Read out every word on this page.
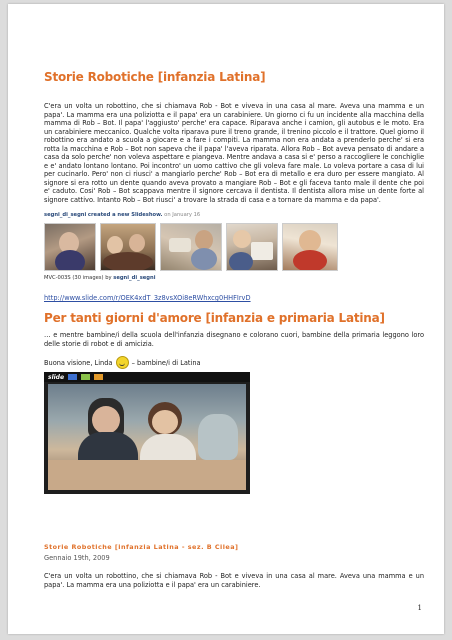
Storie Robotiche [infanzia Latina]

C'era un volta un robottino, che si chiamava Rob - Bot e viveva in una casa al mare. Aveva una mamma e un papa'. La mamma era una poliziotta e il papa' era un carabiniere. Un giorno ci fu un incidente alla macchina della mamma di Rob – Bot. Il papa' l'aggiusto' perche' era capace. Riparava anche i camion, gli autobus e le moto. Era un carabiniere meccanico. Qualche volta riparava pure il treno grande, il trenino piccolo e il trattore. Quel giorno il robottino era andato a scuola a giocare e a fare i compiti. La mamma non era andata a prenderlo perche' si era rotta la macchina e Rob – Bot non sapeva che il papa' l'aveva riparata. Allora Rob – Bot aveva pensato di andare a casa da solo perche' non voleva aspettare e piangeva. Mentre andava a casa si e' perso a raccogliere le conchiglie e e' andato lontano lontano. Poi incontro' un uomo cattivo che gli voleva fare male. Lo voleva portare a casa di lui per cucinarlo. Pero' non ci riusci' a mangiarlo perche' Rob – Bot era di metallo e era duro per essere mangiato. Al signore si era rotto un dente quando aveva provato a mangiare Rob – Bot e gli faceva tanto male il dente che poi e' caduto. Cosi' Rob – Bot scappava mentre il signore cercava il dentista. Il dentista allora mise un dente forte al signore cattivo. Intanto Rob – Bot riusci' a trovare la strada di casa e a tornare da mamma e da papa'.

segni_di_segni created a new Slideshow. on January 16
MVC-003S (30 images) by segni_di_segni
http://www.slide.com/r/OEK4xdT_3z8vsXOi8eRWhxcg0HHFIrvD
Per tanti giorni d'amore [infanzia e primaria Latina]

… e mentre bambine/i della scuola dell'infanzia disegnano e colorano cuori, bambine della primaria leggono loro delle storie di robot e di amicizia.

Buona visione, Linda	– bambine/i di Latina

slide
Storie Robotiche [infanzia Latina - sez. B Cilea]
Gennaio 19th, 2009

C'era un volta un robottino, che si chiamava Rob - Bot e viveva in una casa al mare. Aveva una mamma e un papa'. La mamma era una poliziotta e il papa' era un carabiniere.

1
